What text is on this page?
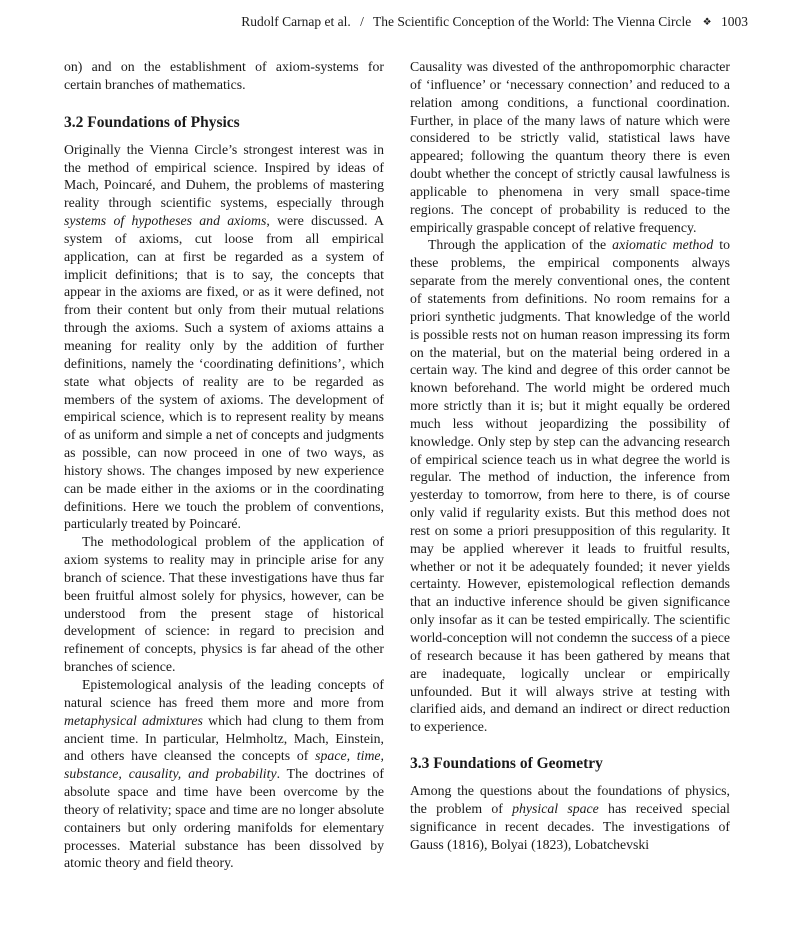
Rudolf Carnap et al. / The Scientific Conception of the World: The Vienna Circle ❖ 1003

on) and on the establishment of axiom-systems for certain branches of mathematics.

3.2 Foundations of Physics

Originally the Vienna Circle’s strongest interest was in the method of empirical science. Inspired by ideas of Mach, Poincaré, and Duhem, the problems of mastering reality through scientific systems, especially through systems of hypotheses and axioms, were discussed. A system of axioms, cut loose from all empirical application, can at first be regarded as a system of implicit definitions; that is to say, the concepts that appear in the axioms are fixed, or as it were defined, not from their content but only from their mutual relations through the axioms. Such a system of axioms attains a meaning for reality only by the addition of further definitions, namely the ‘coordinating definitions’, which state what objects of reality are to be regarded as members of the system of axioms. The development of empirical science, which is to represent reality by means of as uniform and simple a net of concepts and judgments as possible, can now proceed in one of two ways, as history shows. The changes imposed by new experience can be made either in the axioms or in the coordinating definitions. Here we touch the problem of conventions, particularly treated by Poincaré.

The methodological problem of the application of axiom systems to reality may in principle arise for any branch of science. That these investigations have thus far been fruitful almost solely for physics, however, can be understood from the present stage of historical development of science: in regard to precision and refinement of concepts, physics is far ahead of the other branches of science.

Epistemological analysis of the leading concepts of natural science has freed them more and more from metaphysical admixtures which had clung to them from ancient time. In particular, Helmholtz, Mach, Einstein, and others have cleansed the concepts of space, time, substance, causality, and probability. The doctrines of absolute space and time have been overcome by the theory of relativity; space and time are no longer absolute containers but only ordering manifolds for elementary processes. Material substance has been dissolved by atomic theory and field theory.

Causality was divested of the anthropomorphic character of ‘influence’ or ‘necessary connection’ and reduced to a relation among conditions, a functional coordination. Further, in place of the many laws of nature which were considered to be strictly valid, statistical laws have appeared; following the quantum theory there is even doubt whether the concept of strictly causal lawfulness is applicable to phenomena in very small space-time regions. The concept of probability is reduced to the empirically graspable concept of relative frequency.

Through the application of the axiomatic method to these problems, the empirical components always separate from the merely conventional ones, the content of statements from definitions. No room remains for a priori synthetic judgments. That knowledge of the world is possible rests not on human reason impressing its form on the material, but on the material being ordered in a certain way. The kind and degree of this order cannot be known beforehand. The world might be ordered much more strictly than it is; but it might equally be ordered much less without jeopardizing the possibility of knowledge. Only step by step can the advancing research of empirical science teach us in what degree the world is regular. The method of induction, the inference from yesterday to tomorrow, from here to there, is of course only valid if regularity exists. But this method does not rest on some a priori presupposition of this regularity. It may be applied wherever it leads to fruitful results, whether or not it be adequately founded; it never yields certainty. However, epistemological reflection demands that an inductive inference should be given significance only insofar as it can be tested empirically. The scientific world-conception will not condemn the success of a piece of research because it has been gathered by means that are inadequate, logically unclear or empirically unfounded. But it will always strive at testing with clarified aids, and demand an indirect or direct reduction to experience.

3.3 Foundations of Geometry

Among the questions about the foundations of physics, the problem of physical space has received special significance in recent decades. The investigations of Gauss (1816), Bolyai (1823), Lobatchevski
